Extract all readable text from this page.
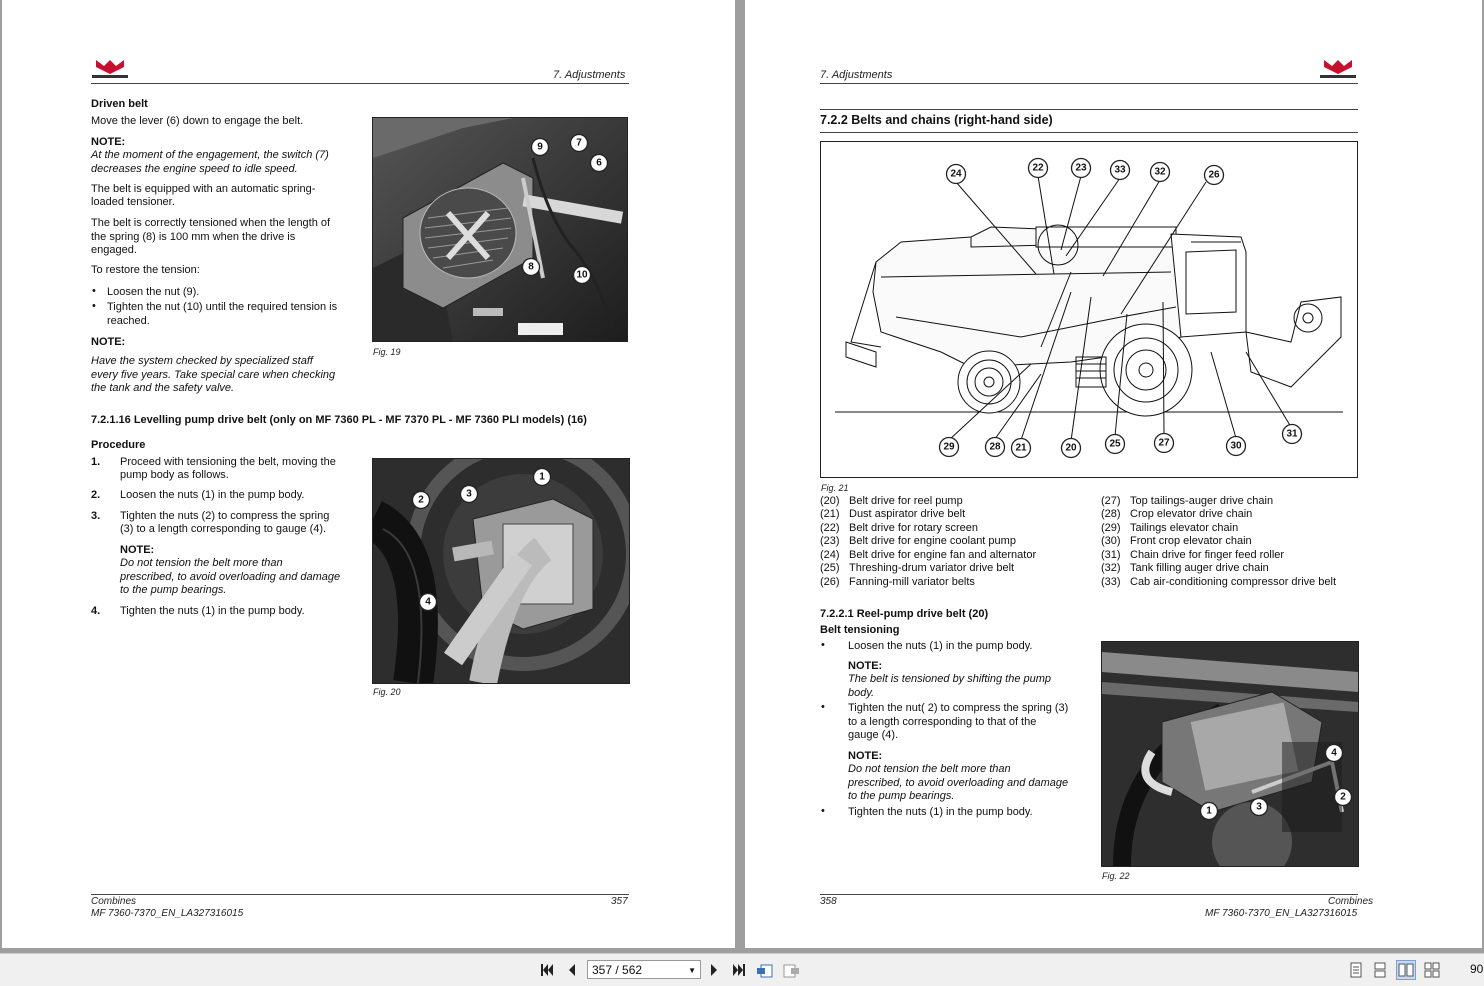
7. Adjustments
Driven belt
Move the lever (6) down to engage the belt.
NOTE:
At the moment of the engagement, the switch (7)
decreases the engine speed to idle speed.
The belt is equipped with an automatic spring-
loaded tensioner.
The belt is correctly tensioned when the length of
the spring (8) is 100 mm when the drive is
engaged.
To restore the tension:
• Loosen the nut (9).
• Tighten the nut (10) until the required tension is
reached.
NOTE:
Have the system checked by specialized staff
every five years. Take special care when checking
the tank and the safety valve.
9	7
6
8
10
Fig. 19
7.2.1.16 Levelling pump drive belt (only on MF 7360 PL - MF 7370 PL - MF 7360 PLI models) (16)
Procedure
1. Proceed with tensioning the belt, moving the
pump body as follows.
2. Loosen the nuts (1) in the pump body.
3. Tighten the nuts (2) to compress the spring
(3) to a length corresponding to gauge (4).
NOTE:
Do not tension the belt more than
prescribed, to avoid overloading and damage
to the pump bearings.
4. Tighten the nuts (1) in the pump body.
1
2
3
4
Fig. 20
Combines
MF 7360-7370_EN_LA327316015
357
7. Adjustments
7.2.2 Belts and chains (right-hand side)
24
22	23	33	32	26
29	28 21	20	25	27	30
31
Fig. 21
(20) Belt drive for reel pump
(21) Dust aspirator drive belt
(22) Belt drive for rotary screen
(23) Belt drive for engine coolant pump
(24) Belt drive for engine fan and alternator
(25) Threshing-drum variator drive belt
(26) Fanning-mill variator belts
(27) Top tailings-auger drive chain
(28) Crop elevator drive chain
(29) Tailings elevator chain
(30) Front crop elevator chain
(31) Chain drive for finger feed roller
(32) Tank filling auger drive chain
(33) Cab air-conditioning compressor drive belt
7.2.2.1 Reel-pump drive belt (20)
Belt tensioning
• Loosen the nuts (1) in the pump body.
NOTE:
The belt is tensioned by shifting the pump
body.
• Tighten the nut( 2) to compress the spring (3)
to a length corresponding to that of the
gauge (4).
NOTE:
Do not tension the belt more than
prescribed, to avoid overloading and damage
to the pump bearings.
• Tighten the nuts (1) in the pump body.
4
2
1	3
Fig. 22
358	Combines
MF 7360-7370_EN_LA327316015
357 / 562	▼	90
